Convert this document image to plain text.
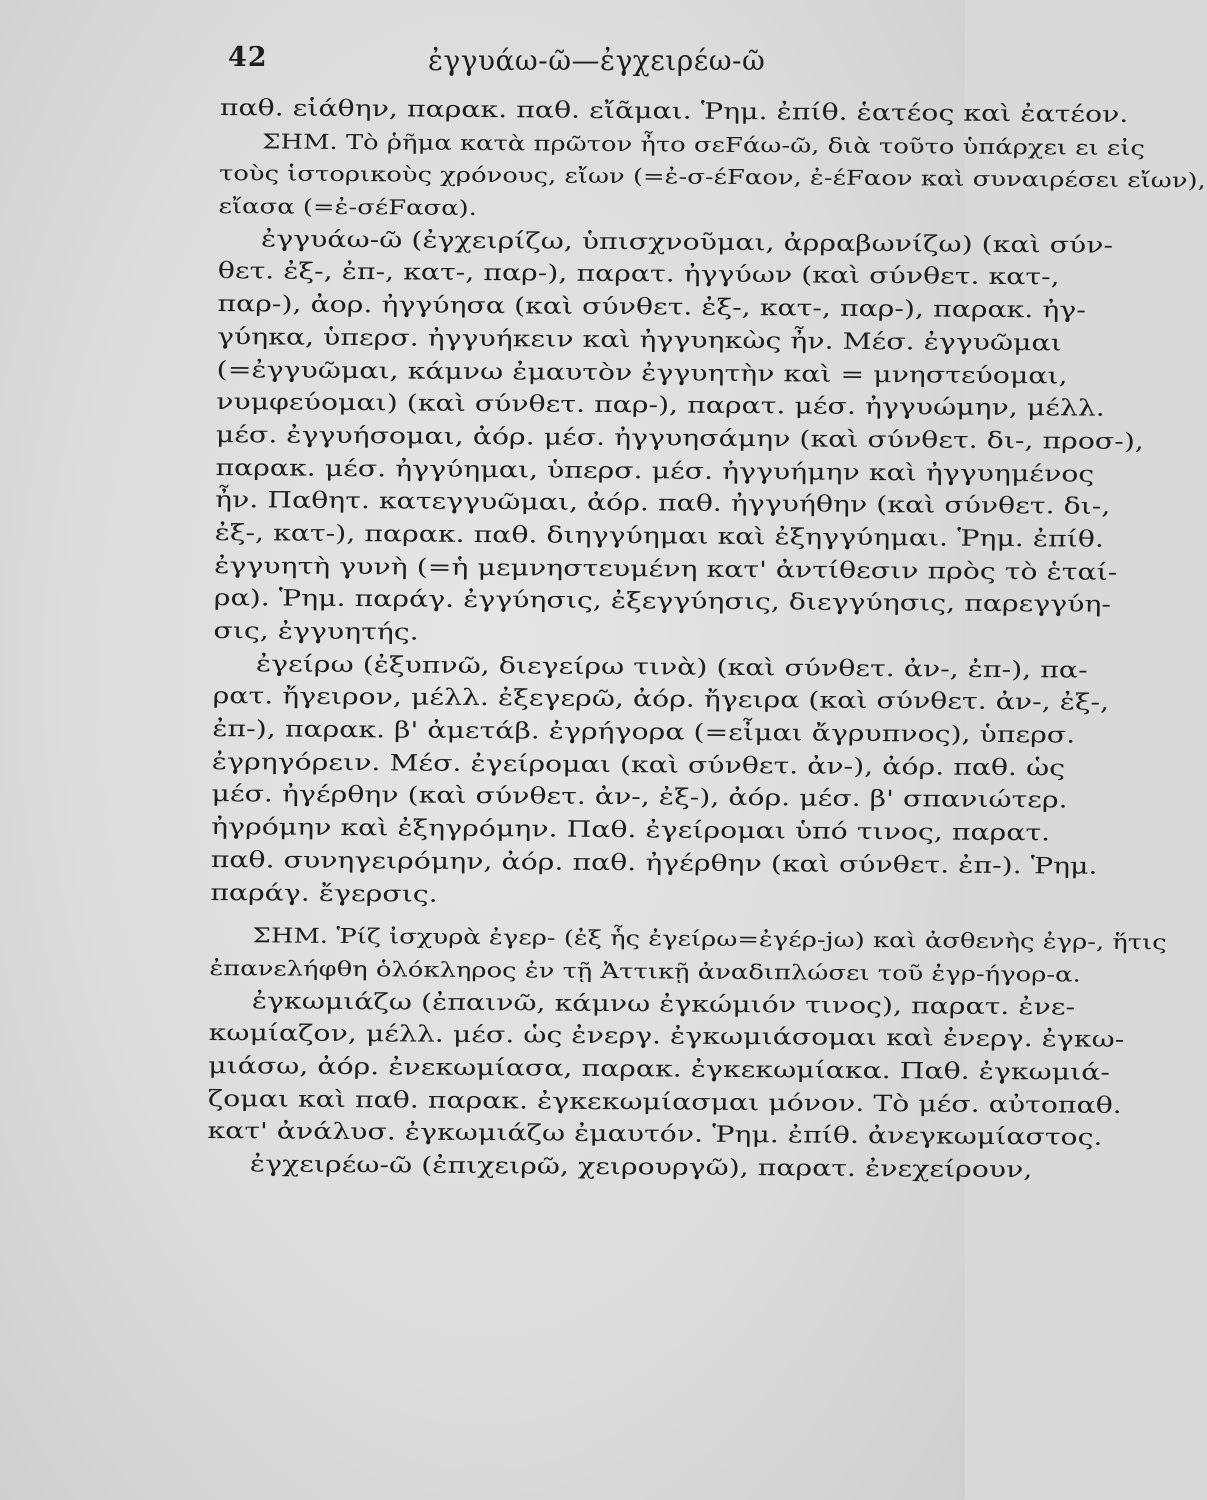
42	ἐγγυάω-ῶ—ἐγχειρέω-ῶ
παθ. εἱάθην, παρακ. παθ. εἴᾶμαι. Ῥημ. ἐπίθ. ἑατέος καὶ ἐατέον.
ΣΗΜ. Τὸ ῥῆμα κατὰ πρῶτον ἦτο σεFάω-ῶ, διὰ τοῦτο ὑπάρχει ει εἰς
τοὺς ἱστορικοὺς χρόνους, εἴων (=ἐ-σ-έFαον, ἐ-έFαον καὶ συναιρέσει εἴων),
εἴασα (=ἐ-σέFασα).
ἐγγυάω-ῶ (ἐγχειρίζω, ὑπισχνοῦμαι, ἀρραβωνίζω) (καὶ σύν-
θετ. ἐξ-, ἐπ-, κατ-, παρ-), παρατ. ἠγγύων (καὶ σύνθετ. κατ-,
παρ-), ἀορ. ἠγγύησα (καὶ σύνθετ. ἐξ-, κατ-, παρ-), παρακ. ἠγ-
γύηκα, ὑπερσ. ἠγγυήκειν καὶ ἠγγυηκὼς ἦν. Μέσ. ἐγγυῶμαι
(=ἐγγυῶμαι, κάμνω ἐμαυτὸν ἐγγυητὴν καὶ = μνηστεύομαι,
νυμφεύομαι) (καὶ σύνθετ. παρ-), παρατ. μέσ. ἠγγυώμην, μέλλ.
μέσ. ἐγγυήσομαι, ἀόρ. μέσ. ἠγγυησάμην (καὶ σύνθετ. δι-, προσ-),
παρακ. μέσ. ἠγγύημαι, ὑπερσ. μέσ. ἠγγυήμην καὶ ἠγγυημένος
ἦν. Παθητ. κατεγγυῶμαι, ἀόρ. παθ. ἠγγυήθην (καὶ σύνθετ. δι-,
ἐξ-, κατ-), παρακ. παθ. διηγγύημαι καὶ ἐξηγγύημαι. Ῥημ. ἐπίθ.
ἐγγυητὴ γυνὴ (=ἡ μεμνηστευμένη κατ' ἀντίθεσιν πρὸς τὸ ἑταί-
ρα). Ῥημ. παράγ. ἐγγύησις, ἐξεγγύησις, διεγγύησις, παρεγγύη-
σις, ἐγγυητής.
ἐγείρω (ἐξυπνῶ, διεγείρω τινὰ) (καὶ σύνθετ. ἀν-, ἐπ-), πα-
ρατ. ἤγειρον, μέλλ. ἐξεγερῶ, ἀόρ. ἤγειρα (καὶ σύνθετ. ἀν-, ἐξ-,
ἐπ-), παρακ. β' ἀμετάβ. ἐγρήγορα (=εἶμαι ἄγρυπνος), ὑπερσ.
ἐγρηγόρειν. Μέσ. ἐγείρομαι (καὶ σύνθετ. ἀν-), ἀόρ. παθ. ὡς
μέσ. ἠγέρθην (καὶ σύνθετ. ἀν-, ἐξ-), ἀόρ. μέσ. β' σπανιώτερ.
ἠγρόμην καὶ ἐξηγρόμην. Παθ. ἐγείρομαι ὑπό τινος, παρατ.
παθ. συνηγειρόμην, ἀόρ. παθ. ἠγέρθην (καὶ σύνθετ. ἐπ-). Ῥημ.
παράγ. ἔγερσις.
ΣΗΜ. Ῥίζ ἰσχυρὰ ἐγερ- (ἐξ ἧς ἐγείρω=ἐγέρ-jω) καὶ ἀσθενὴς ἐγρ-, ἥτις
ἐπανελήφθη ὁλόκληρος ἐν τῇ Ἀττικῇ ἀναδιπλώσει τοῦ ἐγρ-ήγορ-α.
ἐγκωμιάζω (ἐπαινῶ, κάμνω ἐγκώμιόν τινος), παρατ. ἐνε-
κωμίαζον, μέλλ. μέσ. ὡς ἐνεργ. ἐγκωμιάσομαι καὶ ἐνεργ. ἐγκω-
μιάσω, ἀόρ. ἐνεκωμίασα, παρακ. ἐγκεκωμίακα. Παθ. ἐγκωμιά-
ζομαι καὶ παθ. παρακ. ἐγκεκωμίασμαι μόνον. Τὸ μέσ. αὐτοπαθ.
κατ' ἀνάλυσ. ἐγκωμιάζω ἐμαυτόν. Ῥημ. ἐπίθ. ἀνεγκωμίαστος.
ἐγχειρέω-ῶ (ἐπιχειρῶ, χειρουργῶ), παρατ. ἐνεχείρουν,
